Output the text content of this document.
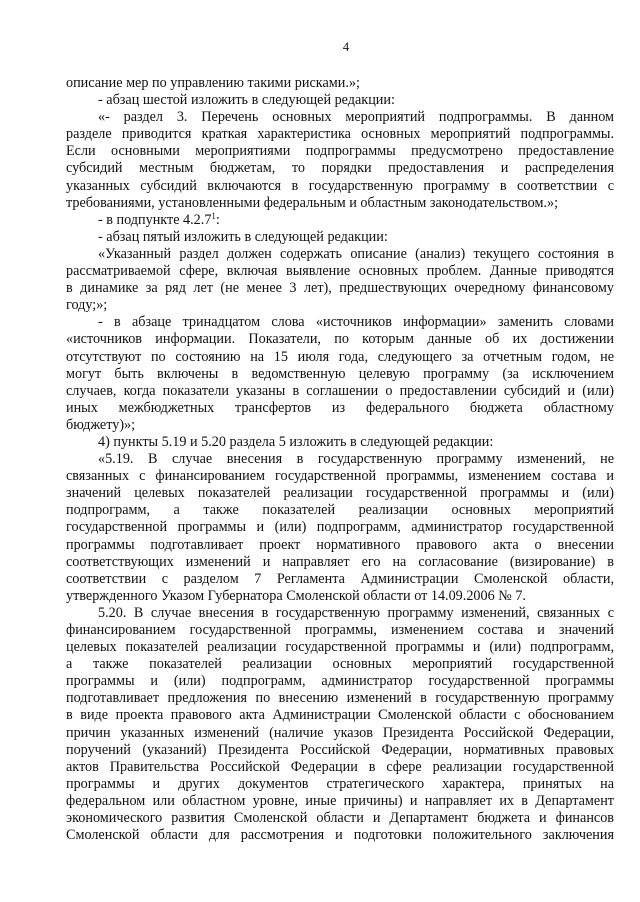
4

описание мер по управлению такими рисками.»;

- абзац шестой изложить в следующей редакции:

«- раздел 3. Перечень основных мероприятий подпрограммы. В данном

разделе приводится краткая характеристика основных мероприятий подпрограммы.

Если основными мероприятиями подпрограммы предусмотрено предоставление

субсидий местным бюджетам, то порядки предоставления и распределения

указанных субсидий включаются в государственную программу в соответствии с

требованиями, установленными федеральным и областным законодательством.»;

- в подпункте 4.2.7$^1$:

- абзац пятый изложить в следующей редакции:

«Указанный раздел должен содержать описание (анализ) текущего состояния в

рассматриваемой сфере, включая выявление основных проблем. Данные приводятся

в динамике за ряд лет (не менее 3 лет), предшествующих очередному финансовому

году;»;

- в абзаце тринадцатом слова «источников информации» заменить словами

«источников информации. Показатели, по которым данные об их достижении

отсутствуют по состоянию на 15 июля года, следующего за отчетным годом, не

могут быть включены в ведомственную целевую программу (за исключением

случаев, когда показатели указаны в соглашении о предоставлении субсидий и (или)

иных межбюджетных трансфертов из федерального бюджета областному

бюджету)»;

4) пункты 5.19 и 5.20 раздела 5 изложить в следующей редакции:

«5.19. В случае внесения в государственную программу изменений, не

связанных с финансированием государственной программы, изменением состава и

значений целевых показателей реализации государственной программы и (или)

подпрограмм, а также показателей реализации основных мероприятий

государственной программы и (или) подпрограмм, администратор государственной

программы подготавливает проект нормативного правового акта о внесении

соответствующих изменений и направляет его на согласование (визирование) в

соответствии с разделом 7 Регламента Администрации Смоленской области,

утвержденного Указом Губернатора Смоленской области от 14.09.2006 № 7.

5.20. В случае внесения в государственную программу изменений, связанных с

финансированием государственной программы, изменением состава и значений

целевых показателей реализации государственной программы и (или) подпрограмм,

а также показателей реализации основных мероприятий государственной

программы и (или) подпрограмм, администратор государственной программы

подготавливает предложения по внесению изменений в государственную программу

в виде проекта правового акта Администрации Смоленской области с обоснованием

причин указанных изменений (наличие указов Президента Российской Федерации,

поручений (указаний) Президента Российской Федерации, нормативных правовых

актов Правительства Российской Федерации в сфере реализации государственной

программы и других документов стратегического характера, принятых на

федеральном или областном уровне, иные причины) и направляет их в Департамент

экономического развития Смоленской области и Департамент бюджета и финансов

Смоленской области для рассмотрения и подготовки положительного заключения
